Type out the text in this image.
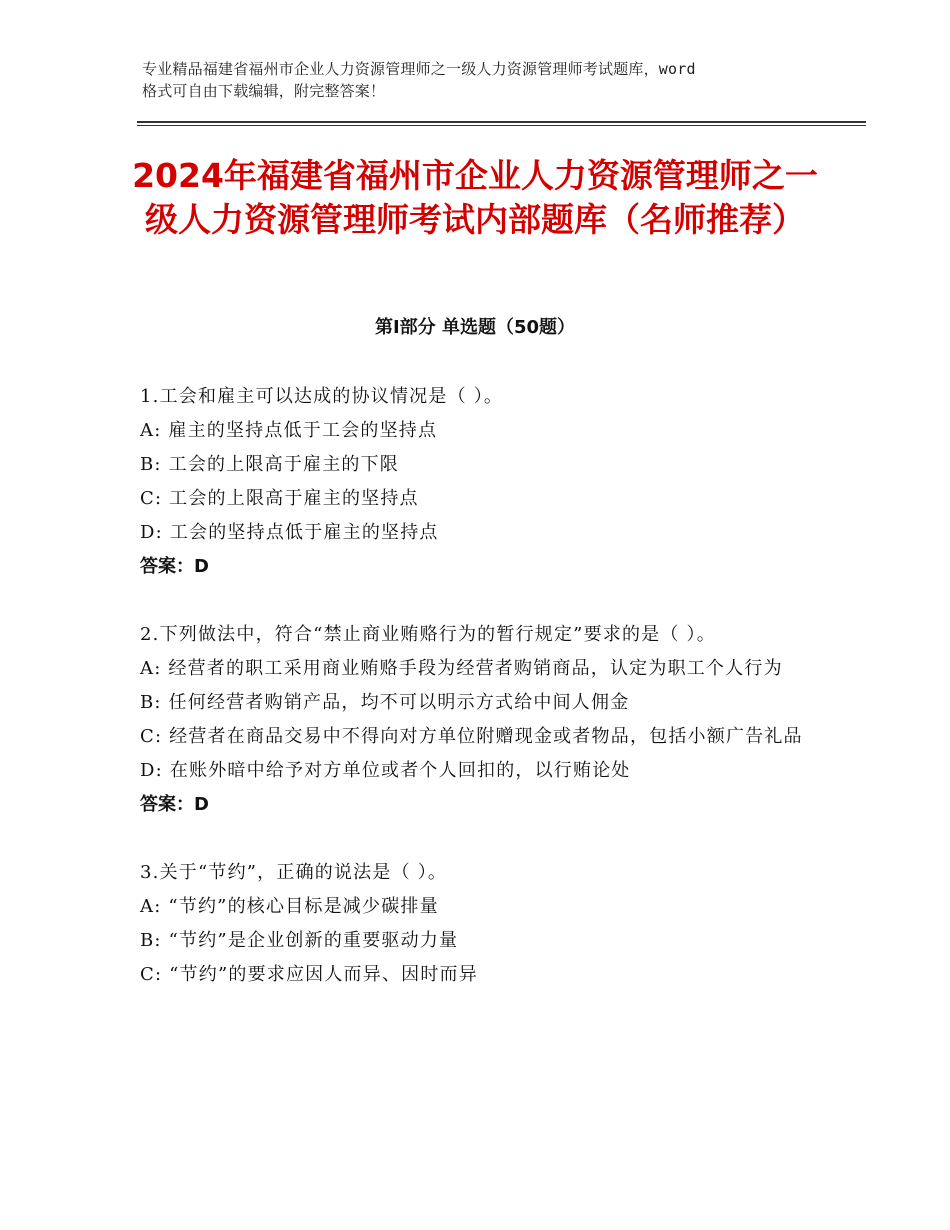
专业精品福建省福州市企业人力资源管理师之一级人力资源管理师考试题库，word
格式可自由下载编辑，附完整答案！
2024年福建省福州市企业人力资源管理师之一级人力资源管理师考试内部题库（名师推荐）
第Ⅰ部分 单选题（50题）
1.工会和雇主可以达成的协议情况是（ ）。
A: 雇主的坚持点低于工会的坚持点
B: 工会的上限高于雇主的下限
C: 工会的上限高于雇主的坚持点
D: 工会的坚持点低于雇主的坚持点
答案：D
2.下列做法中，符合“禁止商业贿赂行为的暂行规定”要求的是（ ）。
A: 经营者的职工采用商业贿赂手段为经营者购销商品，认定为职工个人行为
B: 任何经营者购销产品，均不可以明示方式给中间人佣金
C: 经营者在商品交易中不得向对方单位附赠现金或者物品，包括小额广告礼品
D: 在账外暗中给予对方单位或者个人回扣的，以行贿论处
答案：D
3.关于“节约”，正确的说法是（ ）。
A: “节约”的核心目标是减少碳排量
B: “节约”是企业创新的重要驱动力量
C: “节约”的要求应因人而异、因时而异
